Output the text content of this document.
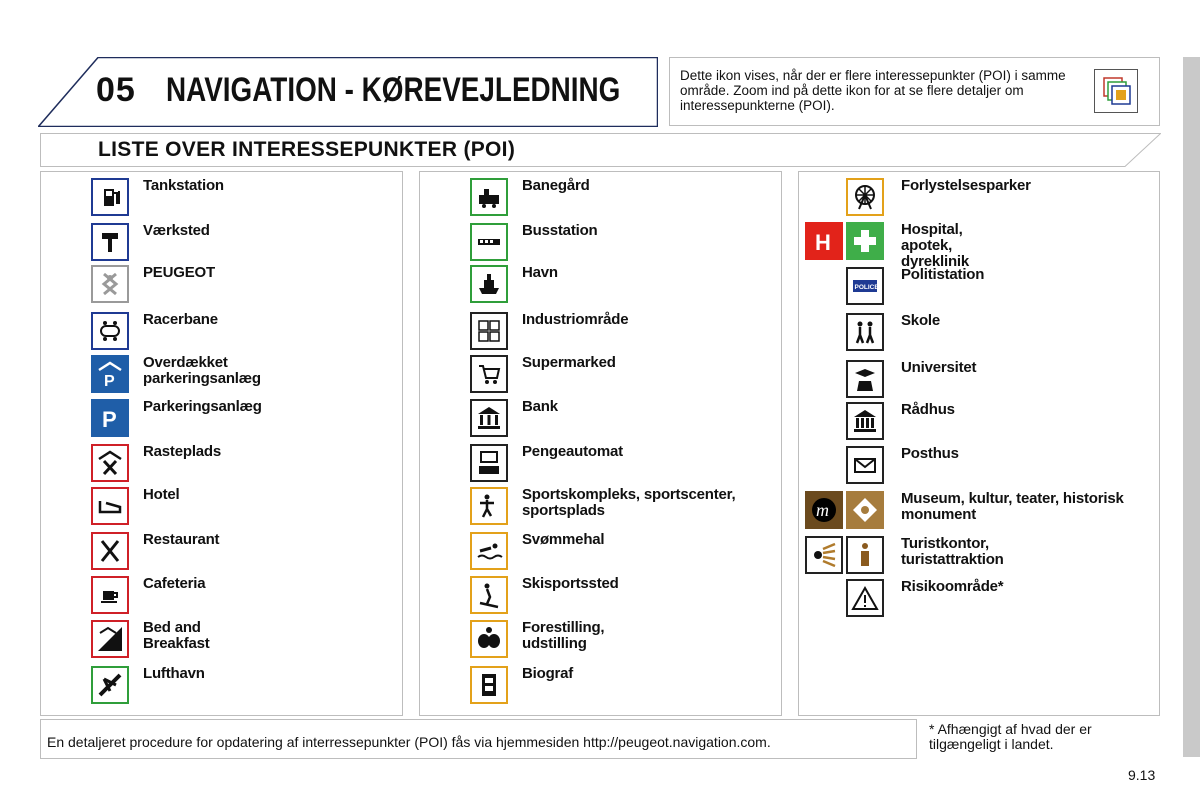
05 NAVIGATION - KØREVEJLEDNING	Dette ikon vises, når der er flere interessepunkter (POI) i samme område. Zoom ind på dette ikon for at se flere detaljer om interessepunkterne (POI).
LISTE OVER INTERESSEPUNKTER (POI)
Tankstation
Værksted
PEUGEOT
Racerbane
P
Overdækket parkeringsanlæg
P
Parkeringsanlæg
Rasteplads
Hotel
Restaurant
Cafeteria
Bed and Breakfast
Lufthavn
Banegård
Busstation
Havn
Industriområde
Supermarked
Bank
Pengeautomat
Sportskompleks, sportscenter, sportsplads
Svømmehal
Skisportssted
Forestilling, udstilling
Biograf
Forlystelsesparker
H
Hospital, apotek, dyreklinik
POLICE
Politistation
Skole
Universitet
Rådhus
Posthus
m
Museum, kultur, teater, historisk monument
Turistkontor, turistattraktion
Risikoområde*
En detaljeret procedure for opdatering af interressepunkter (POI) fås via hjemmesiden http://peugeot.navigation.com.
* Afhængigt af hvad der er
tilgængeligt i landet.
9.13
